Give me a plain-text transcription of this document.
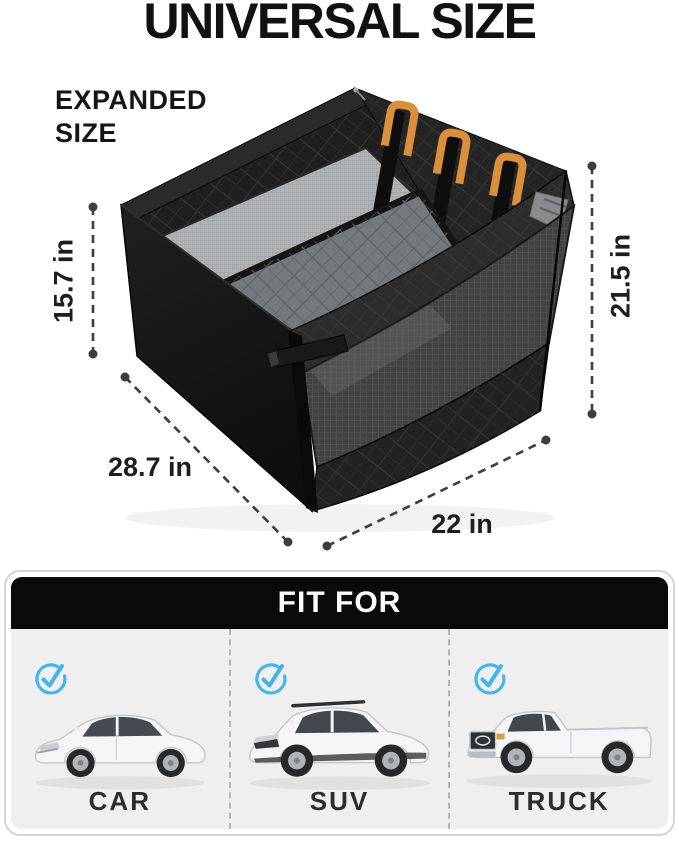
15.7 in	21.5 in
28.7 in
22 in
UNIVERSAL SIZE
EXPANDED
SIZE
FIT FOR
CAR	SUV	TRUCK
